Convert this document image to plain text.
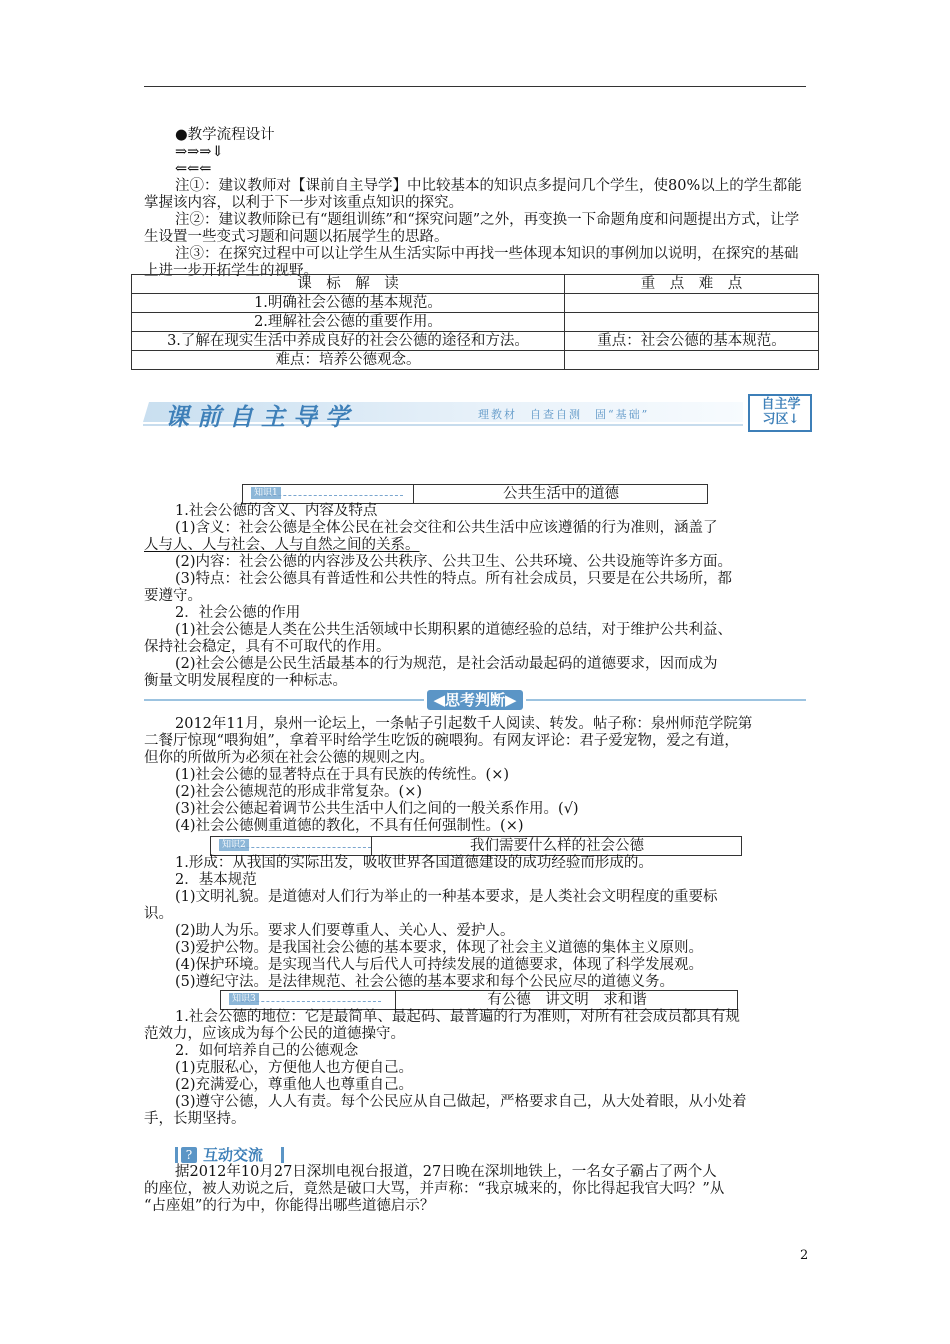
●教学流程设计
⇒⇒⇒⇓
⇐⇐⇐
注①：建议教师对【课前自主导学】中比较基本的知识点多提问几个学生，使80%以上的学生都能掌握该内容，以利于下一步对该重点知识的探究。
注②：建议教师除已有“题组训练”和“探究问题”之外，再变换一下命题角度和问题提出方式，让学生设置一些变式习题和问题以拓展学生的思路。
注③：在探究过程中可以让学生从生活实际中再找一些体现本知识的事例加以说明，在探究的基础上进一步开拓学生的视野。
课　标　解　读	重　点　难　点
1.明确社会公德的基本规范。	
2.理解社会公德的重要作用。	
3.了解在现实生活中养成良好的社会公德的途径和方法。	重点：社会公德的基本规范。
难点：培养公德观念。	
课前自主导学	理教材　自查自测　固“基础”
自主学
习区↓
知识1	公共生活中的道德
1.社会公德的含义、内容及特点
(1)含义：社会公德是全体公民在社会交往和公共生活中应该遵循的行为准则，涵盖了
人与人、人与社会、人与自然之间的关系。
(2)内容：社会公德的内容涉及公共秩序、公共卫生、公共环境、公共设施等许多方面。
(3)特点：社会公德具有普适性和公共性的特点。所有社会成员，只要是在公共场所，都
要遵守。
2．社会公德的作用
(1)社会公德是人类在公共生活领域中长期积累的道德经验的总结，对于维护公共利益、
保持社会稳定，具有不可取代的作用。
(2)社会公德是公民生活最基本的行为规范，是社会活动最起码的道德要求，因而成为
衡量文明发展程度的一种标志。
◀思考判断▶
2012年11月，泉州一论坛上，一条帖子引起数千人阅读、转发。帖子称：泉州师范学院第
二餐厅惊现“喂狗姐”，拿着平时给学生吃饭的碗喂狗。有网友评论：君子爱宠物，爱之有道，
但你的所做所为必须在社会公德的规则之内。
(1)社会公德的显著特点在于具有民族的传统性。(×)
(2)社会公德规范的形成非常复杂。(×)
(3)社会公德起着调节公共生活中人们之间的一般关系作用。(√)
(4)社会公德侧重道德的教化，不具有任何强制性。(×)
知识2	我们需要什么样的社会公德
1.形成：从我国的实际出发，吸收世界各国道德建设的成功经验而形成的。
2．基本规范
(1)文明礼貌。是道德对人们行为举止的一种基本要求，是人类社会文明程度的重要标
识。
(2)助人为乐。要求人们要尊重人、关心人、爱护人。
(3)爱护公物。是我国社会公德的基本要求，体现了社会主义道德的集体主义原则。
(4)保护环境。是实现当代人与后代人可持续发展的道德要求，体现了科学发展观。
(5)遵纪守法。是法律规范、社会公德的基本要求和每个公民应尽的道德义务。
知识3	有公德　讲文明　求和谐
1.社会公德的地位：它是最简单、最起码、最普遍的行为准则，对所有社会成员都具有规
范效力，应该成为每个公民的道德操守。
2．如何培养自己的公德观念
(1)克服私心，方便他人也方便自己。
(2)充满爱心，尊重他人也尊重自己。
(3)遵守公德，人人有责。每个公民应从自己做起，严格要求自己，从大处着眼，从小处着
手，长期坚持。
? 互动交流
据2012年10月27日深圳电视台报道，27日晚在深圳地铁上，一名女子霸占了两个人
的座位，被人劝说之后，竟然是破口大骂，并声称：“我京城来的，你比得起我官大吗？”从
“占座姐”的行为中，你能得出哪些道德启示？
2
